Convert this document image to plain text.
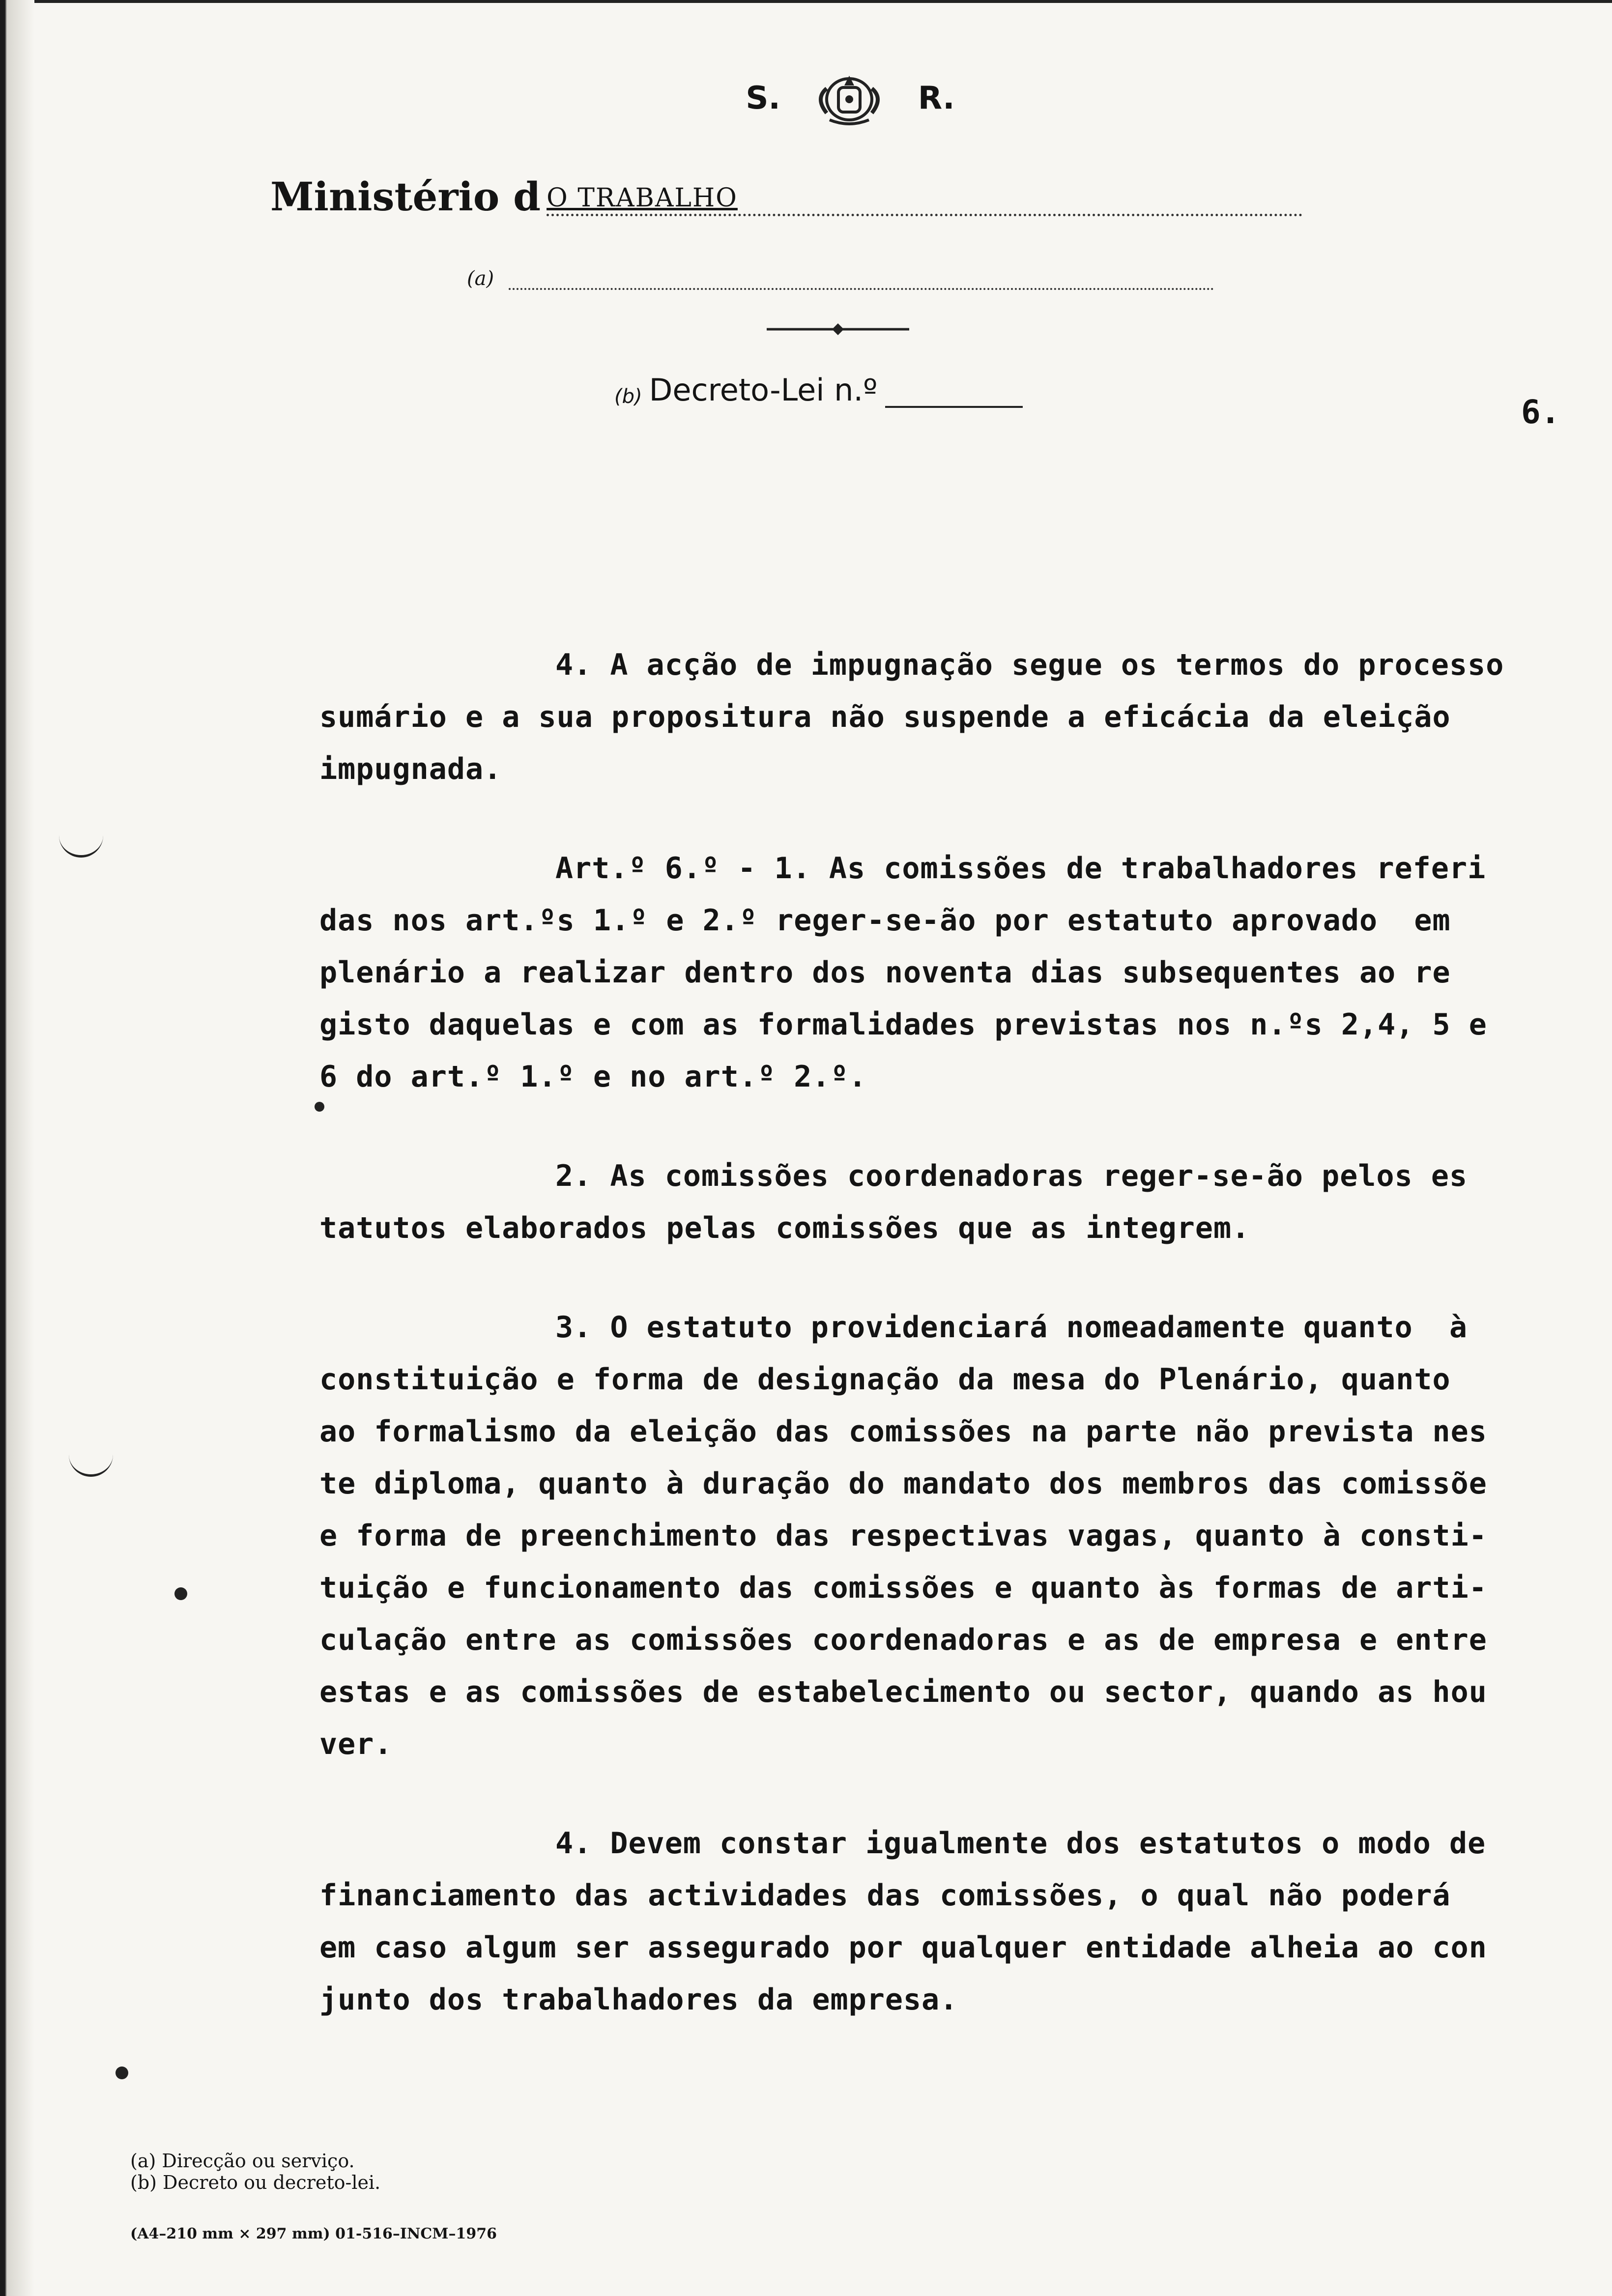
S.	R.
Ministério d O TRABALHO
(a)
(b) Decreto-Lei n.º
6.
4. A acção de impugnação segue os termos do processo
sumário e a sua propositura não suspende a eficácia da eleição
impugnada.
Art.º 6.º - 1. As comissões de trabalhadores referi
das nos art.ºs 1.º e 2.º reger-se-ão por estatuto aprovado  em
plenário a realizar dentro dos noventa dias subsequentes ao re
gisto daquelas e com as formalidades previstas nos n.ºs 2,4, 5 e
6 do art.º 1.º e no art.º 2.º.
2. As comissões coordenadoras reger-se-ão pelos es
tatutos elaborados pelas comissões que as integrem.
3. O estatuto providenciará nomeadamente quanto  à
constituição e forma de designação da mesa do Plenário, quanto
ao formalismo da eleição das comissões na parte não prevista nes
te diploma, quanto à duração do mandato dos membros das comissõe
e forma de preenchimento das respectivas vagas, quanto à consti-
tuição e funcionamento das comissões e quanto às formas de arti-
culação entre as comissões coordenadoras e as de empresa e entre
estas e as comissões de estabelecimento ou sector, quando as hou
ver.
4. Devem constar igualmente dos estatutos o modo de
financiamento das actividades das comissões, o qual não poderá
em caso algum ser assegurado por qualquer entidade alheia ao con
junto dos trabalhadores da empresa.
(a) Direcção ou serviço.
(b) Decreto ou decreto-lei.
(A4–210 mm × 297 mm) 01-516–INCM–1976
